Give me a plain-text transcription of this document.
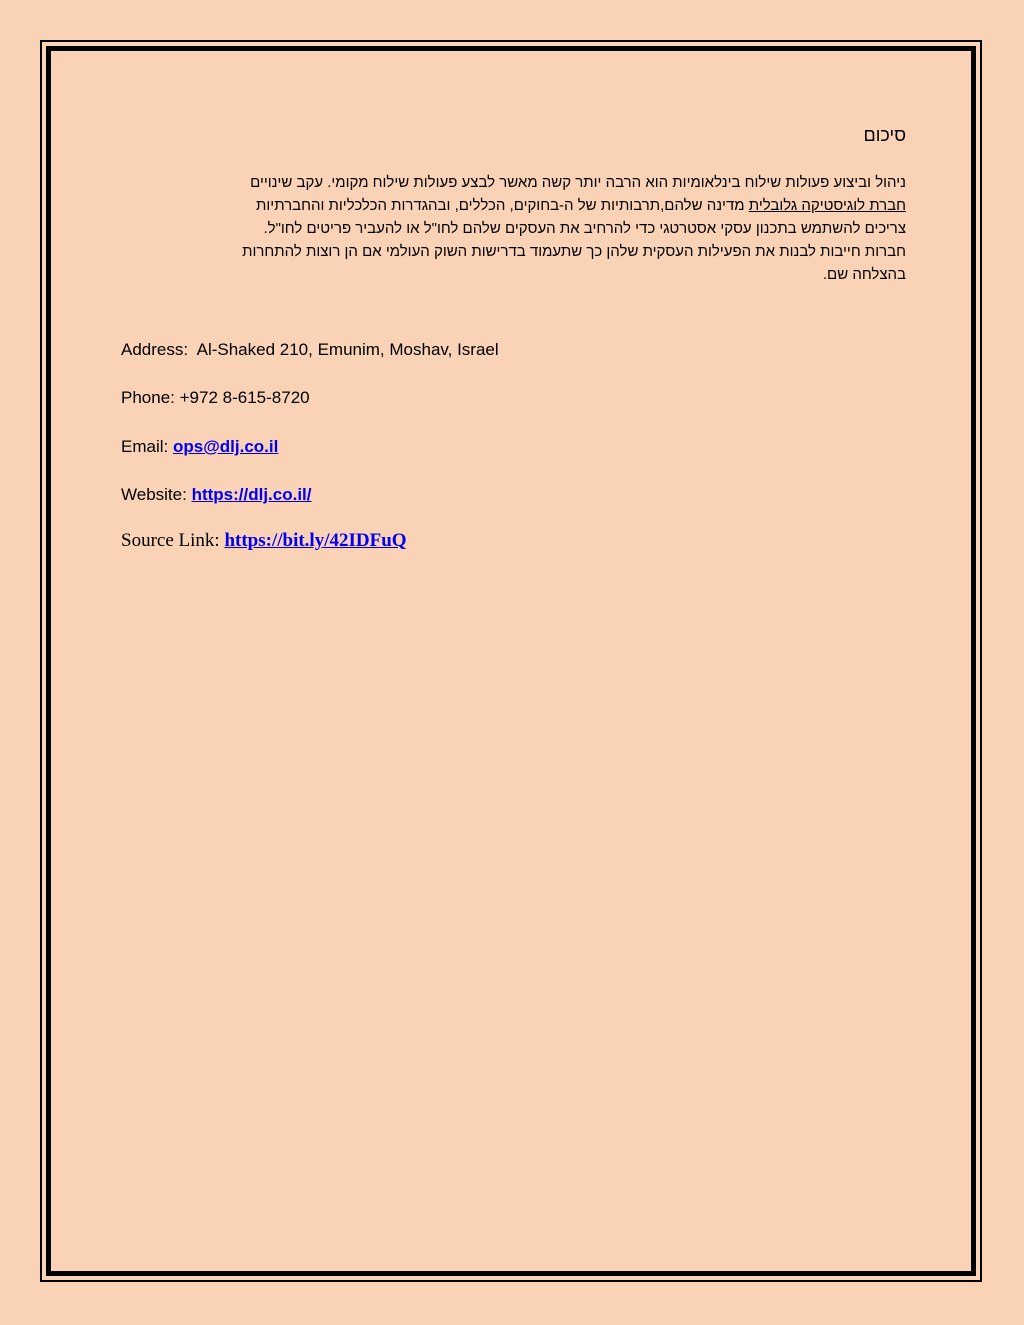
סיכום
ניהול וביצוע פעולות שילוח בינלאומיות הוא הרבה יותר קשה מאשר לבצע פעולות שילוח מקומי. עקב שינויים
חברת לוגיסטיקה גלובלית מדינה שלהם,תרבותיות של ה-בחוקים, הכללים, ובהגדרות הכלכליות והחברתיות
צריכים להשתמש בתכנון עסקי אסטרטגי כדי להרחיב את העסקים שלהם לחו"ל או להעביר פריטים לחו"ל.
חברות חייבות לבנות את הפעילות העסקית שלהן כך שתעמוד בדרישות השוק העולמי אם הן רוצות להתחרות
בהצלחה שם.
Address: Al-Shaked 210, Emunim, Moshav, Israel
Phone: +972 8-615-8720
Email: ops@dlj.co.il
Website: https://dlj.co.il/
Source Link: https://bit.ly/42IDFuQ
